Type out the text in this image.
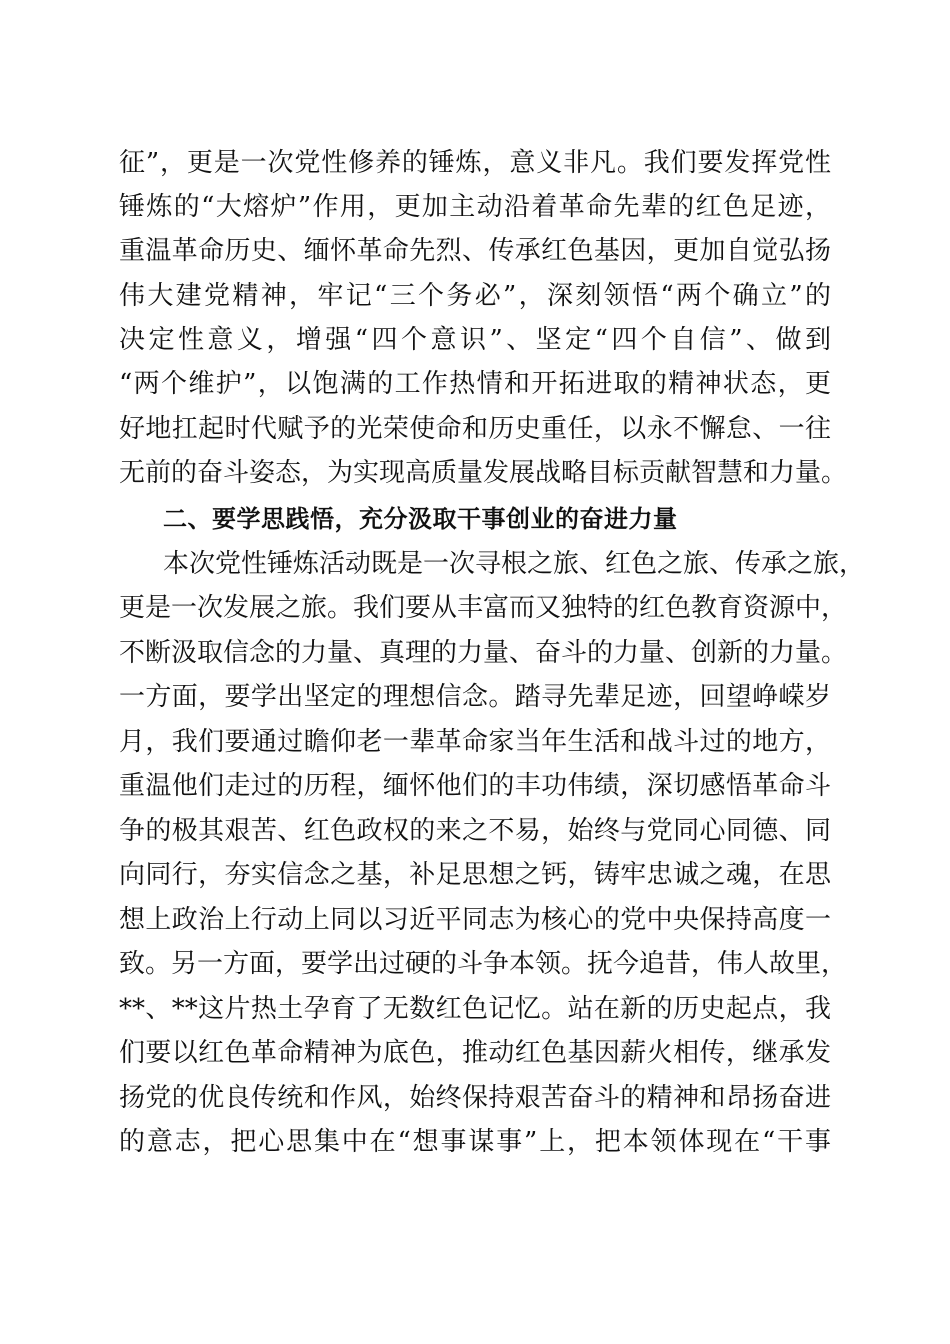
征”，更是一次党性修养的锤炼，意义非凡。我们要发挥党性
锤炼的“大熔炉”作用，更加主动沿着革命先辈的红色足迹，
重温革命历史、缅怀革命先烈、传承红色基因，更加自觉弘扬
伟大建党精神，牢记“三个务必”，深刻领悟“两个确立”的
决定性意义，增强“四个意识”、坚定“四个自信”、做到
“两个维护”，以饱满的工作热情和开拓进取的精神状态，更
好地扛起时代赋予的光荣使命和历史重任，以永不懈怠、一往
无前的奋斗姿态，为实现高质量发展战略目标贡献智慧和力量。
二、要学思践悟，充分汲取干事创业的奋进力量
本次党性锤炼活动既是一次寻根之旅、红色之旅、传承之旅，
更是一次发展之旅。我们要从丰富而又独特的红色教育资源中，
不断汲取信念的力量、真理的力量、奋斗的力量、创新的力量。
一方面，要学出坚定的理想信念。踏寻先辈足迹，回望峥嵘岁
月，我们要通过瞻仰老一辈革命家当年生活和战斗过的地方，
重温他们走过的历程，缅怀他们的丰功伟绩，深切感悟革命斗
争的极其艰苦、红色政权的来之不易，始终与党同心同德、同
向同行，夯实信念之基，补足思想之钙，铸牢忠诚之魂，在思
想上政治上行动上同以习近平同志为核心的党中央保持高度一
致。另一方面，要学出过硬的斗争本领。抚今追昔，伟人故里，
**、**这片热土孕育了无数红色记忆。站在新的历史起点，我
们要以红色革命精神为底色，推动红色基因薪火相传，继承发
扬党的优良传统和作风，始终保持艰苦奋斗的精神和昂扬奋进
的意志，把心思集中在“想事谋事”上，把本领体现在“干事
